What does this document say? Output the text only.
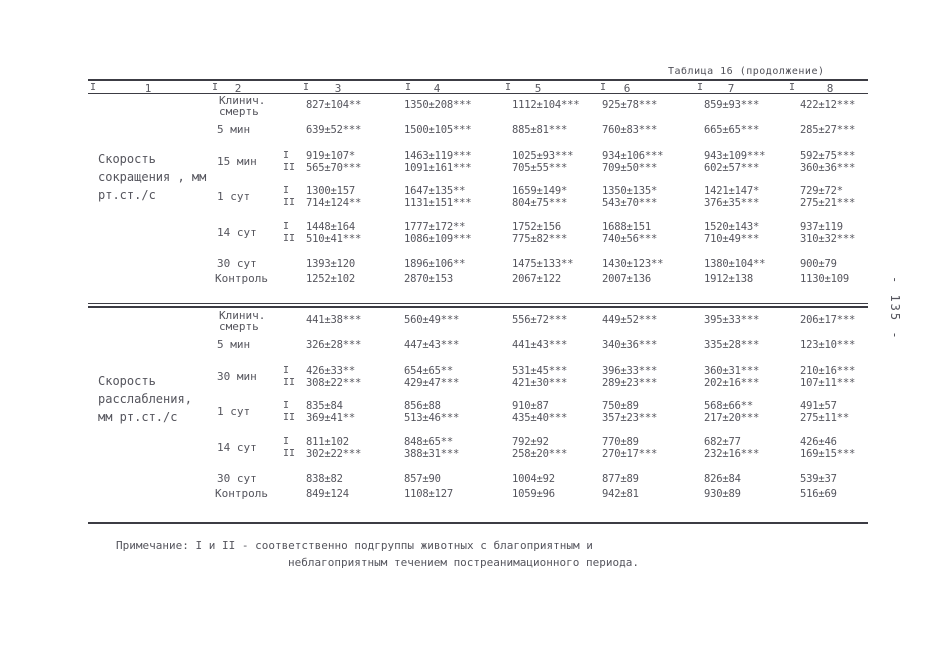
Таблица 16 (продолжение)
I	1	I	2	I	3	I	4	I	5	I	6	I	7	I	8
Скорость сокращения , мм рт.ст./с
Клинич. смерть	827±104**	1350±208***	1112±104*** 925±78***	859±93***	422±12***
5 мин	639±52***	1500±105***	885±81***	760±83***	665±65***	285±27***
15 мин	I 919±107*	1463±119***	1025±93***	934±106***	943±109***	592±75***
II 565±70***	1091±161***	705±55***	709±50***	602±57***	360±36***
1 сут	I 1300±157	1647±135**	1659±149*	1350±135*	1421±147*	729±72*
II 714±124**	1131±151***	804±75***	543±70***	376±35***	275±21***
14 сут	I 1448±164	1777±172**	1752±156	1688±151	1520±143*	937±119
II 510±41***	1086±109***	775±82***	740±56***	710±49***	310±32***
30 сут	1393±120	1896±106**	1475±133**	1430±123**	1380±104**	900±79
Контроль	1252±102	2870±153	2067±122	2007±136	1912±138	1130±109
Скорость расслабления, мм рт.ст./с
Клинич. смерть	441±38***	560±49***	556±72***	449±52***	395±33***	206±17***
5 мин	326±28***	447±43***	441±43***	340±36***	335±28***	123±10***
30 мин	I 426±33**	654±65**	531±45***	396±33***	360±31***	210±16***
II 308±22***	429±47***	421±30***	289±23***	202±16***	107±11***
1 сут	I 835±84	856±88	910±87	750±89	568±66**	491±57
II 369±41**	513±46***	435±40***	357±23***	217±20***	275±11**
14 сут	I 811±102	848±65**	792±92	770±89	682±77	426±46
II 302±22***	388±31***	258±20***	270±17***	232±16***	169±15***
30 сут	838±82	857±90	1004±92	877±89	826±84	539±37
Контроль	849±124	1108±127	1059±96	942±81	930±89	516±69
Примечание: I и II - соответственно подгруппы животных с благоприятным и
неблагоприятным течением постреанимационного периода.
- 135 -
